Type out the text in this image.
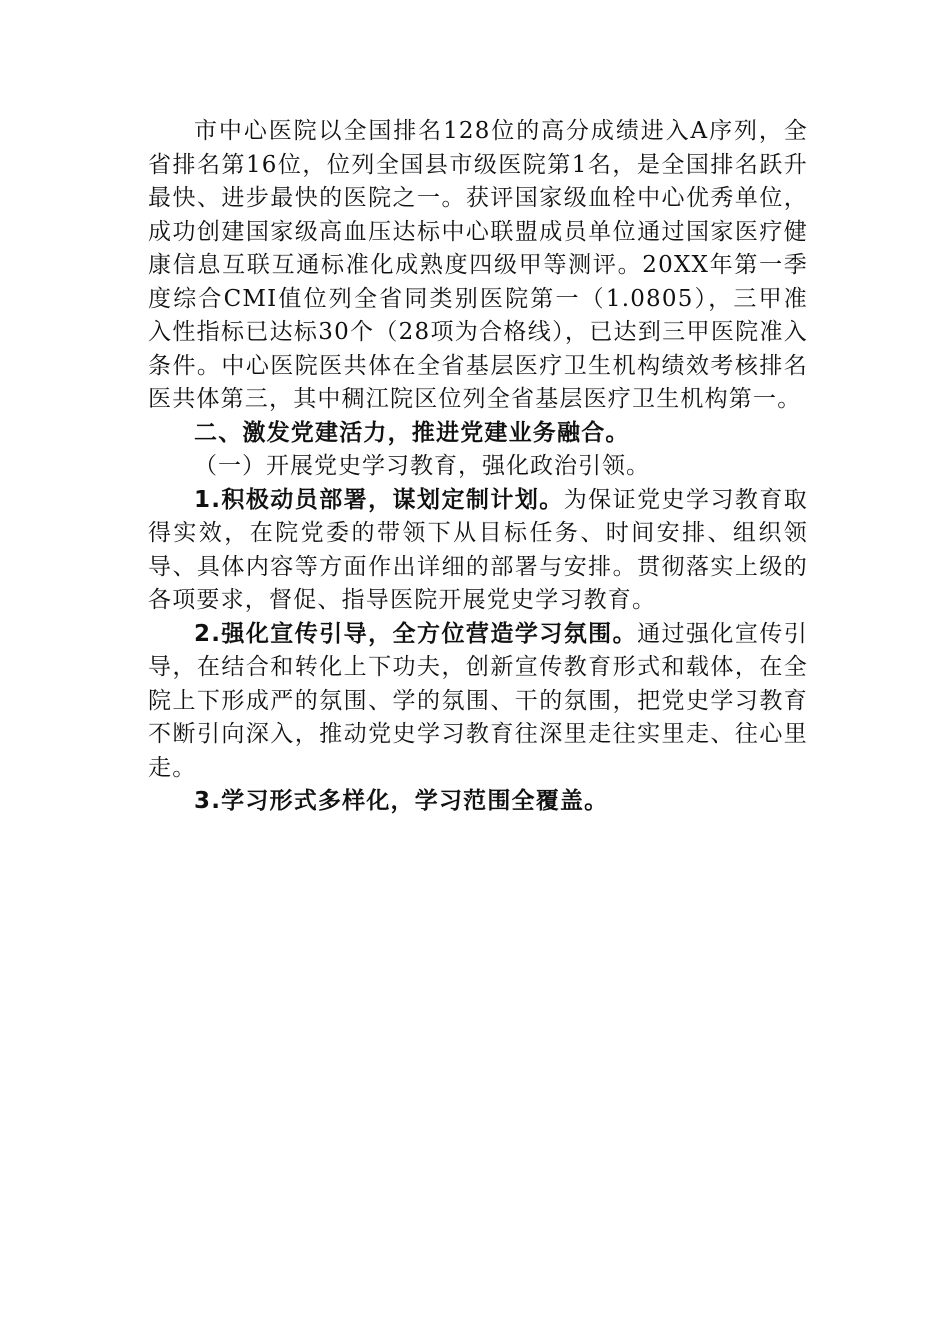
市中心医院以全国排名128位的高分成绩进入A序列，全省排名第16位，位列全国县市级医院第1名，是全国排名跃升最快、进步最快的医院之一。获评国家级血栓中心优秀单位，成功创建国家级高血压达标中心联盟成员单位通过国家医疗健康信息互联互通标准化成熟度四级甲等测评。20XX年第一季度综合CMI值位列全省同类别医院第一（1.0805），三甲准入性指标已达标30个（28项为合格线），已达到三甲医院准入条件。中心医院医共体在全省基层医疗卫生机构绩效考核排名医共体第三，其中稠江院区位列全省基层医疗卫生机构第一。

二、激发党建活力，推进党建业务融合。

（一）开展党史学习教育，强化政治引领。

1.积极动员部署，谋划定制计划。为保证党史学习教育取得实效，在院党委的带领下从目标任务、时间安排、组织领导、具体内容等方面作出详细的部署与安排。贯彻落实上级的各项要求，督促、指导医院开展党史学习教育。

2.强化宣传引导，全方位营造学习氛围。通过强化宣传引导，在结合和转化上下功夫，创新宣传教育形式和载体，在全院上下形成严的氛围、学的氛围、干的氛围，把党史学习教育不断引向深入，推动党史学习教育往深里走往实里走、往心里走。

3.学习形式多样化，学习范围全覆盖。
